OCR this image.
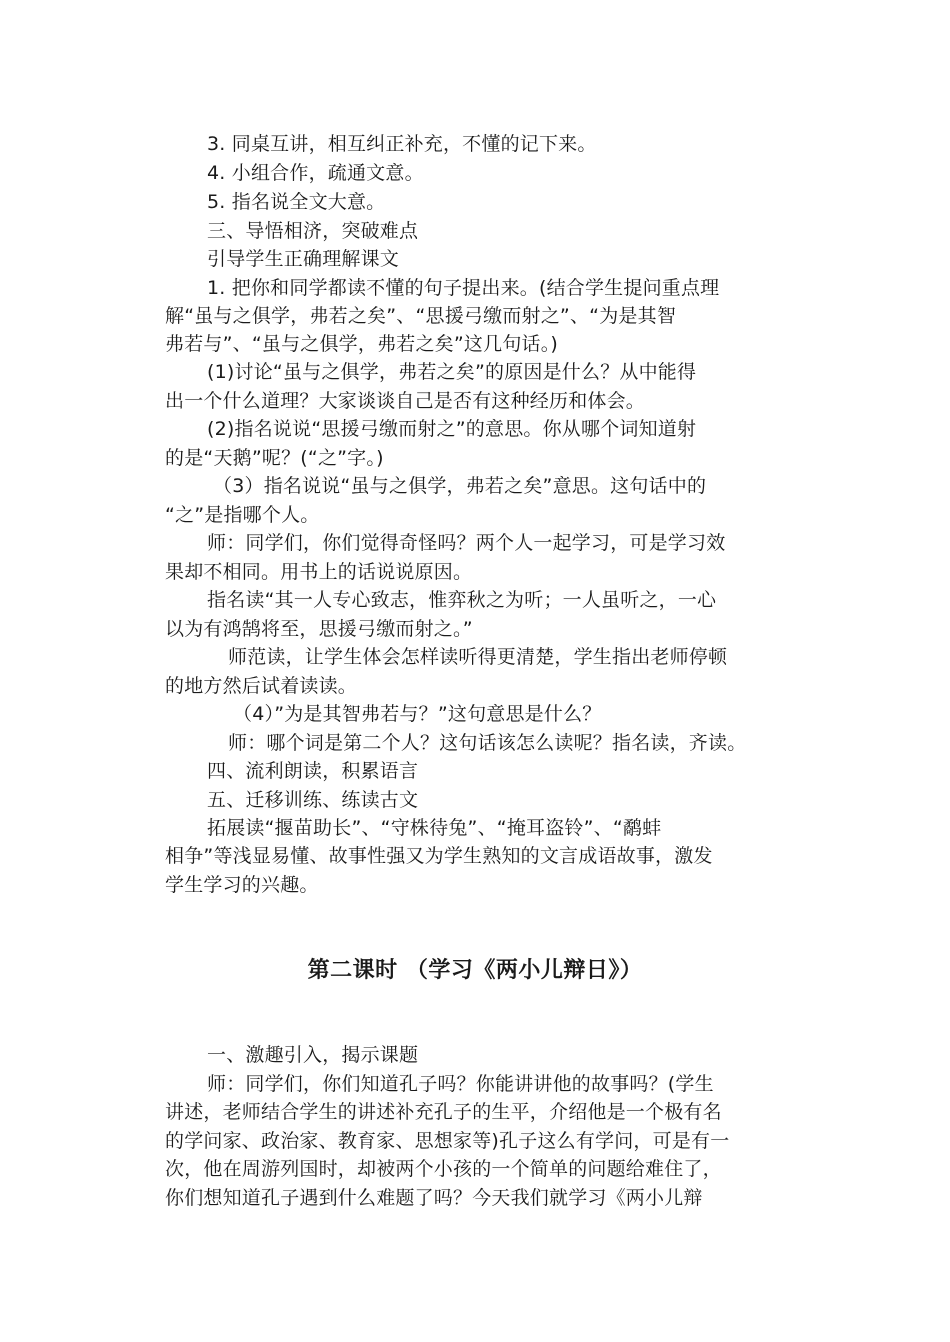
3. 同桌互讲，相互纠正补充，不懂的记下来。
4. 小组合作，疏通文意。
5. 指名说全文大意。
三、导悟相济，突破难点
引导学生正确理解课文
1. 把你和同学都读不懂的句子提出来。(结合学生提问重点理
解“虽与之俱学，弗若之矣”、“思援弓缴而射之”、“为是其智
弗若与”、“虽与之俱学，弗若之矣”这几句话。)
(1)讨论“虽与之俱学，弗若之矣”的原因是什么？从中能得
出一个什么道理？大家谈谈自己是否有这种经历和体会。
(2)指名说说“思援弓缴而射之”的意思。你从哪个词知道射
的是“天鹅”呢？(“之”字。)
（3）指名说说“虽与之俱学，弗若之矣”意思。这句话中的
“之”是指哪个人。
师：同学们，你们觉得奇怪吗？两个人一起学习，可是学习效
果却不相同。用书上的话说说原因。
指名读“其一人专心致志，惟弈秋之为听；一人虽听之，一心
以为有鸿鹄将至，思援弓缴而射之。”
师范读，让学生体会怎样读听得更清楚，学生指出老师停顿
的地方然后试着读读。
（4）”为是其智弗若与？”这句意思是什么？
师：哪个词是第二个人？这句话该怎么读呢？指名读，齐读。
四、流利朗读，积累语言
五、迁移训练、练读古文
拓展读“揠苗助长”、“守株待兔”、“掩耳盗铃”、“鹬蚌
相争”等浅显易懂、故事性强又为学生熟知的文言成语故事，激发
学生学习的兴趣。
第二课时 （学习《两小儿辩日》）
一、激趣引入，揭示课题
师：同学们，你们知道孔子吗？你能讲讲他的故事吗？(学生
讲述，老师结合学生的讲述补充孔子的生平，介绍他是一个极有名
的学问家、政治家、教育家、思想家等)孔子这么有学问，可是有一
次，他在周游列国时，却被两个小孩的一个简单的问题给难住了，
你们想知道孔子遇到什么难题了吗？今天我们就学习《两小儿辩
